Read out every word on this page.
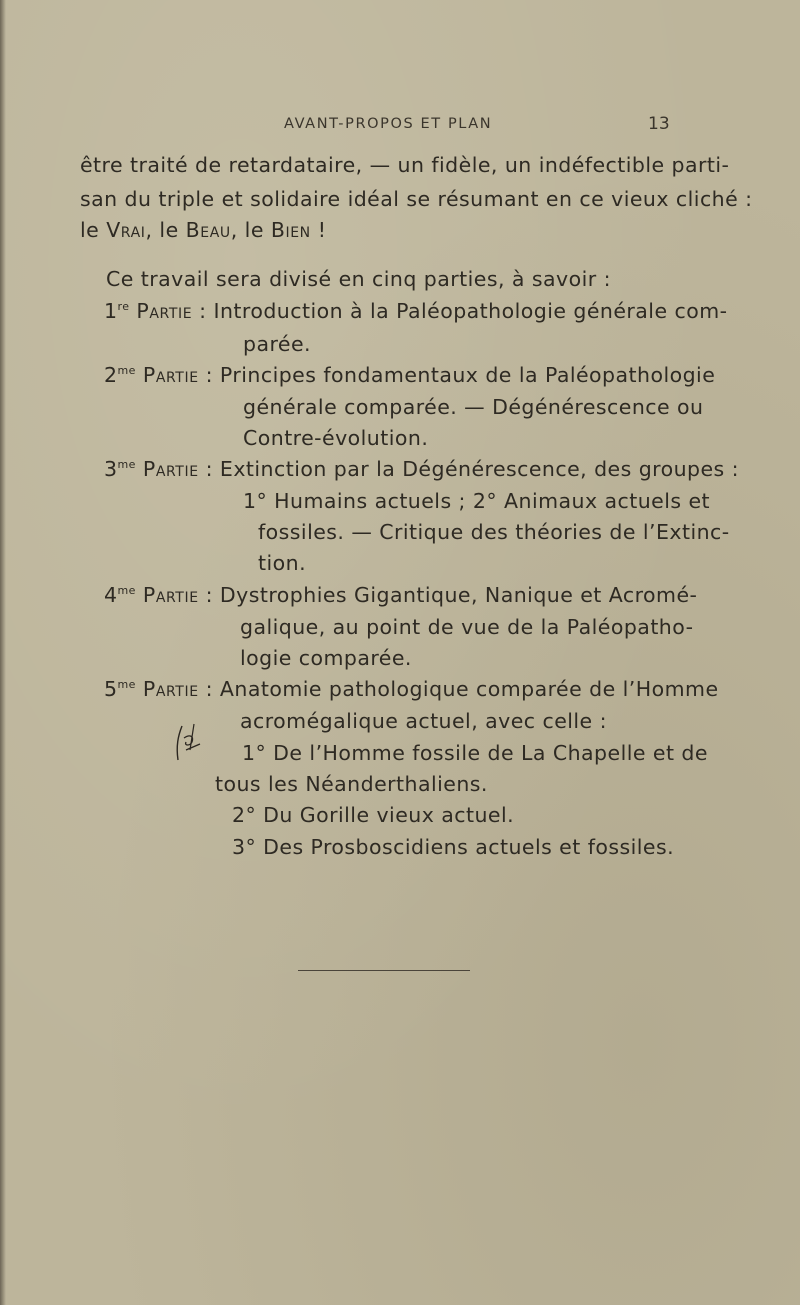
AVANT-PROPOS ET PLAN	13
être traité de retardataire, — un fidèle, un indéfectible parti-
san du triple et solidaire idéal se résumant en ce vieux cliché :
le Vrai, le Beau, le Bien !
Ce travail sera divisé en cinq parties, à savoir :
1re Partie : Introduction à la Paléopathologie générale com-
parée.
$2^{me}$ Partie : Principes fondamentaux de la Paléopathologie
générale comparée. — Dégénérescence ou
Contre-évolution.
$3^{me}$ Partie : Extinction par la Dégénérescence, des groupes :
1° Humains actuels ; 2° Animaux actuels et
fossiles. — Critique des théories de l’Extinc-
tion.
$4^{me}$ Partie : Dystrophies Gigantique, Nanique et Acromé-
galique, au point de vue de la Paléopatho-
logie comparée.
$5^{me}$ Partie : Anatomie pathologique comparée de l’Homme
acromégalique actuel, avec celle :
1° De l’Homme fossile de La Chapelle et de
tous les Néanderthaliens.
2° Du Gorille vieux actuel.
3° Des Prosboscidiens actuels et fossiles.
